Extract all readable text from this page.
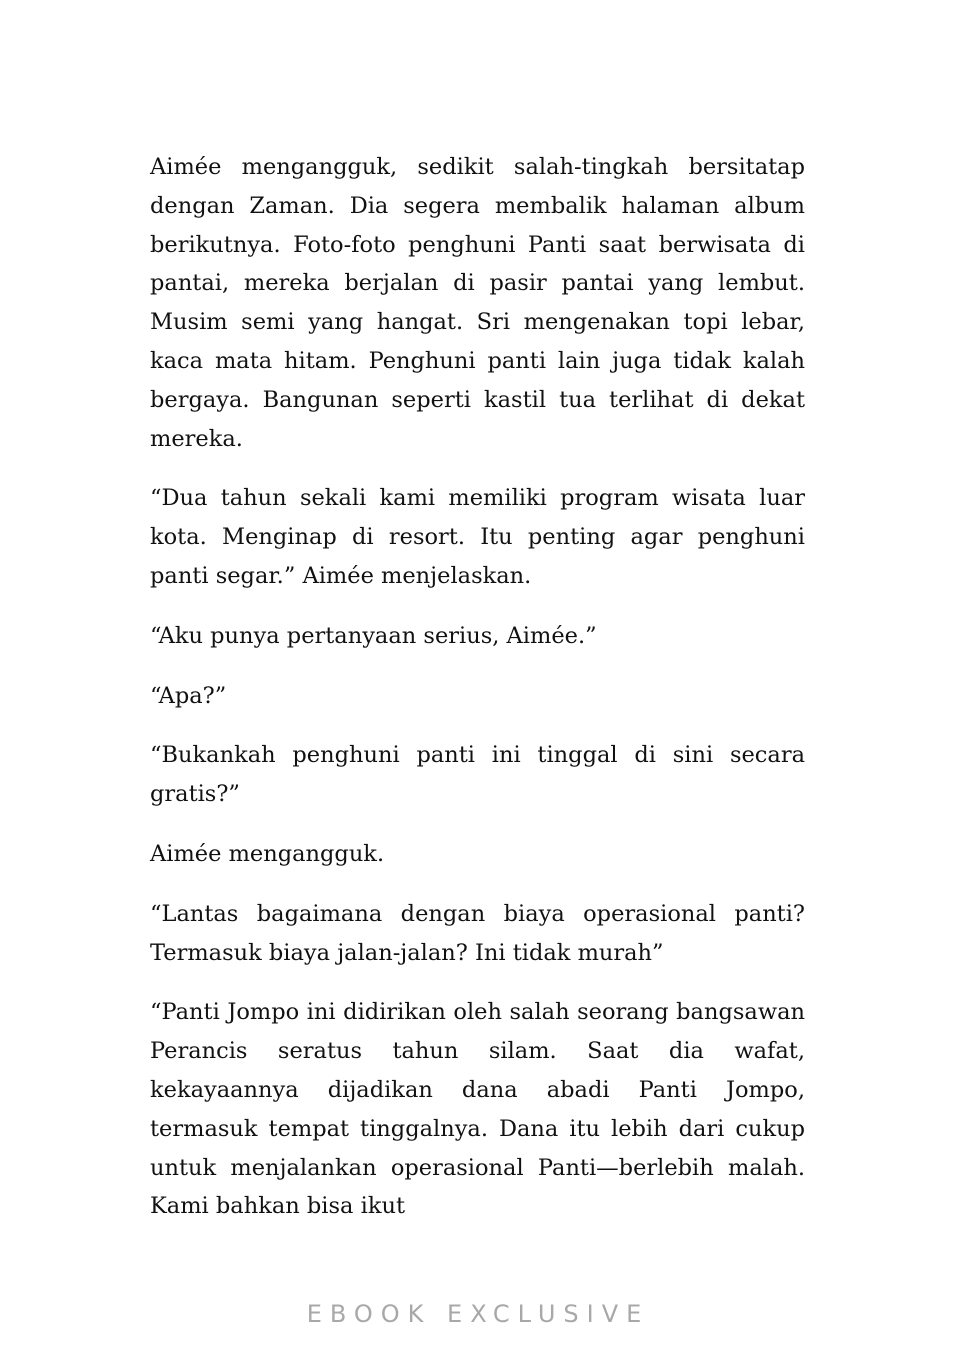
Aimée mengangguk, sedikit salah-tingkah bersitatap dengan Zaman. Dia segera membalik halaman album berikutnya. Foto-foto penghuni Panti saat berwisata di pantai, mereka berjalan di pasir pantai yang lembut. Musim semi yang hangat. Sri mengenakan topi lebar, kaca mata hitam. Penghuni panti lain juga tidak kalah bergaya. Bangunan seperti kastil tua terlihat di dekat mereka.

“Dua tahun sekali kami memiliki program wisata luar kota. Menginap di resort. Itu penting agar penghuni panti segar.” Aimée menjelaskan.

“Aku punya pertanyaan serius, Aimée.”

“Apa?”

“Bukankah penghuni panti ini tinggal di sini secara gratis?”

Aimée mengangguk.

“Lantas bagaimana dengan biaya operasional panti? Termasuk biaya jalan-jalan? Ini tidak murah”

“Panti Jompo ini didirikan oleh salah seorang bangsawan Perancis seratus tahun silam. Saat dia wafat, kekayaannya dijadikan dana abadi Panti Jompo, termasuk tempat tinggalnya. Dana itu lebih dari cukup untuk menjalankan operasional Panti—berlebih malah. Kami bahkan bisa ikut

EBOOK EXCLUSIVE
